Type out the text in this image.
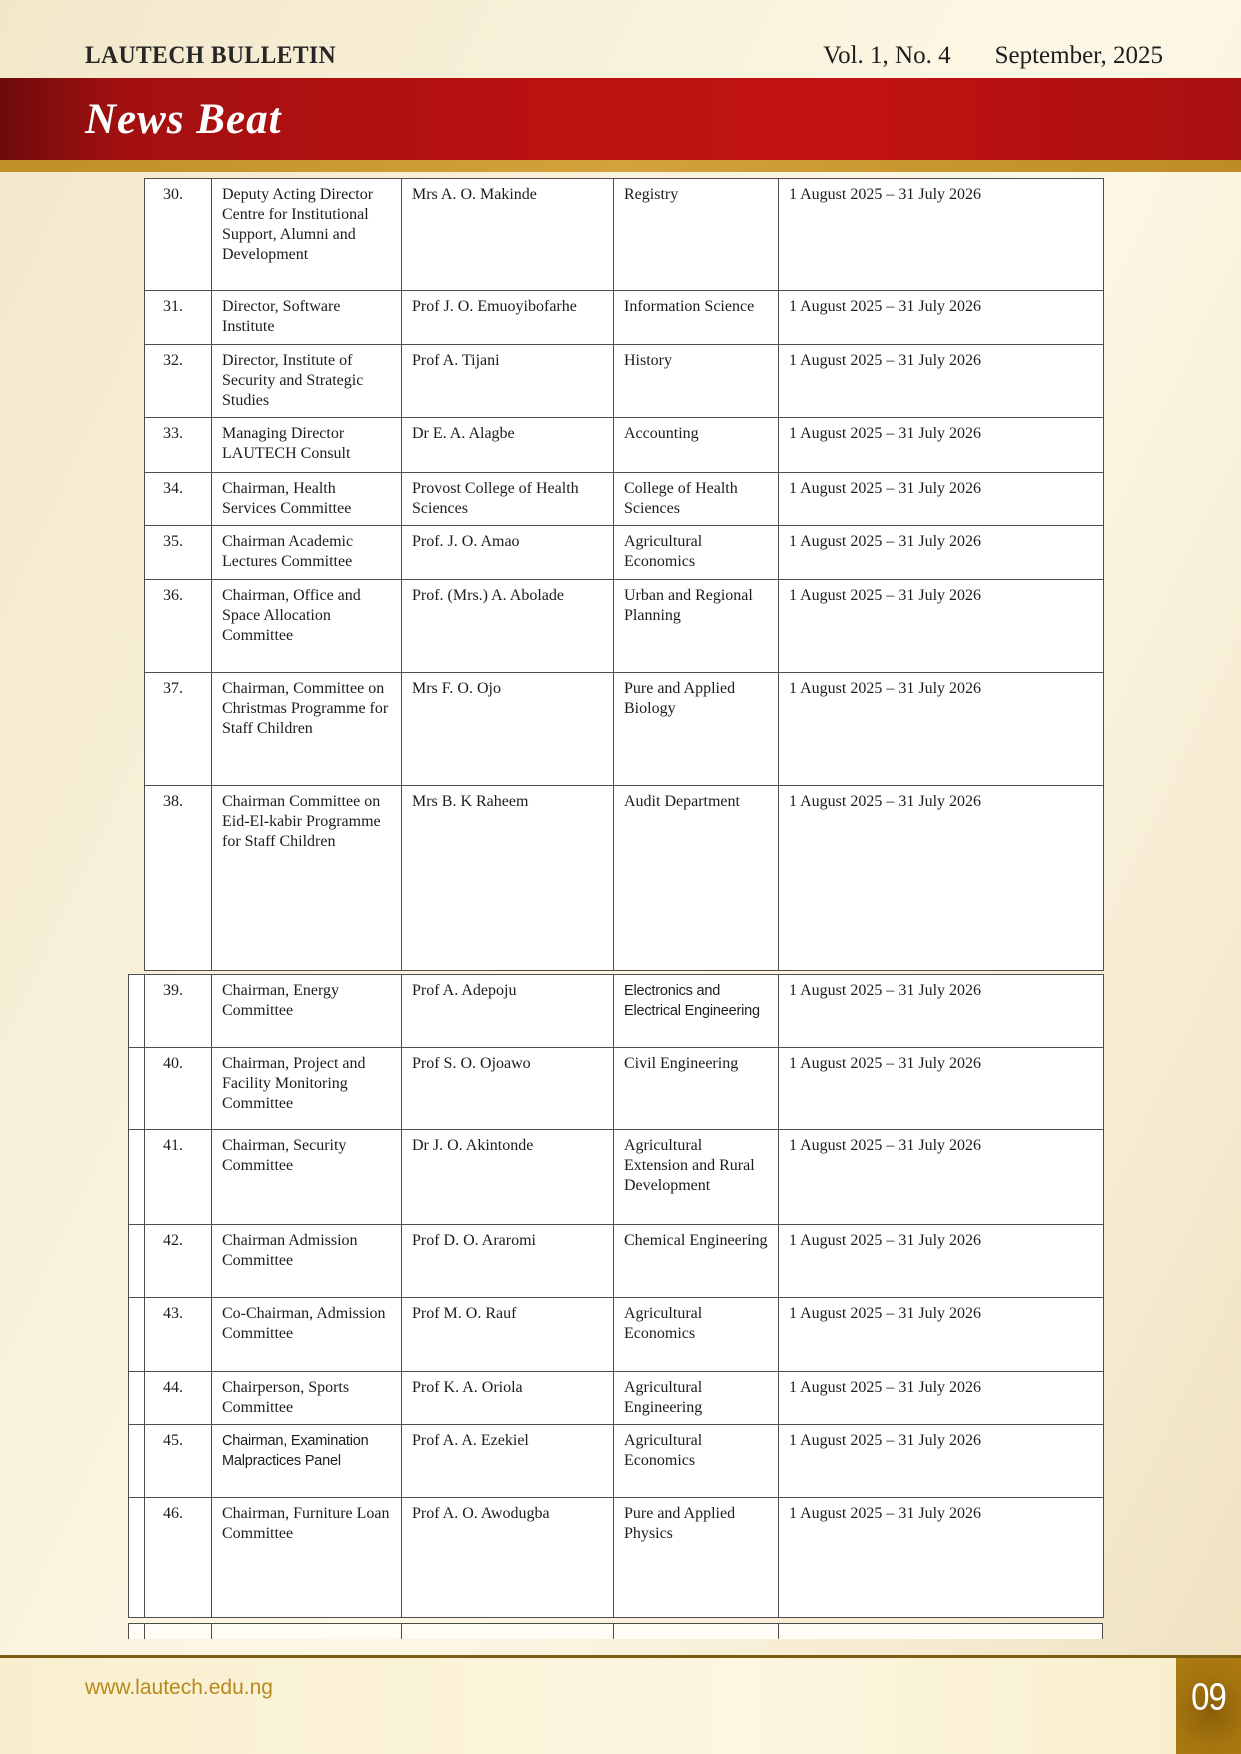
LAUTECH BULLETIN	Vol. 1, No. 4 September, 2025
News Beat
30.	Deputy Acting Director Centre for Institutional Support, Alumni and Development	Mrs A. O. Makinde	Registry	1 August 2025 – 31 July 2026
31.	Director, Software Institute	Prof J. O. Emuoyibofarhe	Information Science	1 August 2025 – 31 July 2026
32.	Director, Institute of Security and Strategic Studies	Prof A. Tijani	History	1 August 2025 – 31 July 2026
33.	Managing Director LAUTECH Consult	Dr E. A. Alagbe	Accounting	1 August 2025 – 31 July 2026
34.	Chairman, Health Services Committee	Provost College of Health Sciences	College of Health Sciences	1 August 2025 – 31 July 2026
35.	Chairman Academic Lectures Committee	Prof. J. O. Amao	Agricultural Economics	1 August 2025 – 31 July 2026
36.	Chairman, Office and Space Allocation Committee	Prof. (Mrs.) A. Abolade	Urban and Regional Planning	1 August 2025 – 31 July 2026
37.	Chairman, Committee on Christmas Programme for Staff Children	Mrs F. O. Ojo	Pure and Applied Biology	1 August 2025 – 31 July 2026
38.	Chairman Committee on Eid-El-kabir Programme for Staff Children	Mrs B. K Raheem	Audit Department	1 August 2025 – 31 July 2026
	39.	Chairman, Energy Committee	Prof A. Adepoju	Electronics and Electrical Engineering	1 August 2025 – 31 July 2026
	40.	Chairman, Project and Facility Monitoring Committee	Prof S. O. Ojoawo	Civil Engineering	1 August 2025 – 31 July 2026
	41.	Chairman, Security Committee	Dr J. O. Akintonde	Agricultural Extension and Rural Development	1 August 2025 – 31 July 2026
	42.	Chairman Admission Committee	Prof D. O. Araromi	Chemical Engineering	1 August 2025 – 31 July 2026
	43.	Co-Chairman, Admission Committee	Prof M. O. Rauf	Agricultural Economics	1 August 2025 – 31 July 2026
	44.	Chairperson, Sports Committee	Prof K. A. Oriola	Agricultural Engineering	1 August 2025 – 31 July 2026
	45.	Chairman, Examination Malpractices Panel	Prof A. A. Ezekiel	Agricultural Economics	1 August 2025 – 31 July 2026
	46.	Chairman, Furniture Loan Committee	Prof A. O. Awodugba	Pure and Applied Physics	1 August 2025 – 31 July 2026
www.lautech.edu.ng	09
